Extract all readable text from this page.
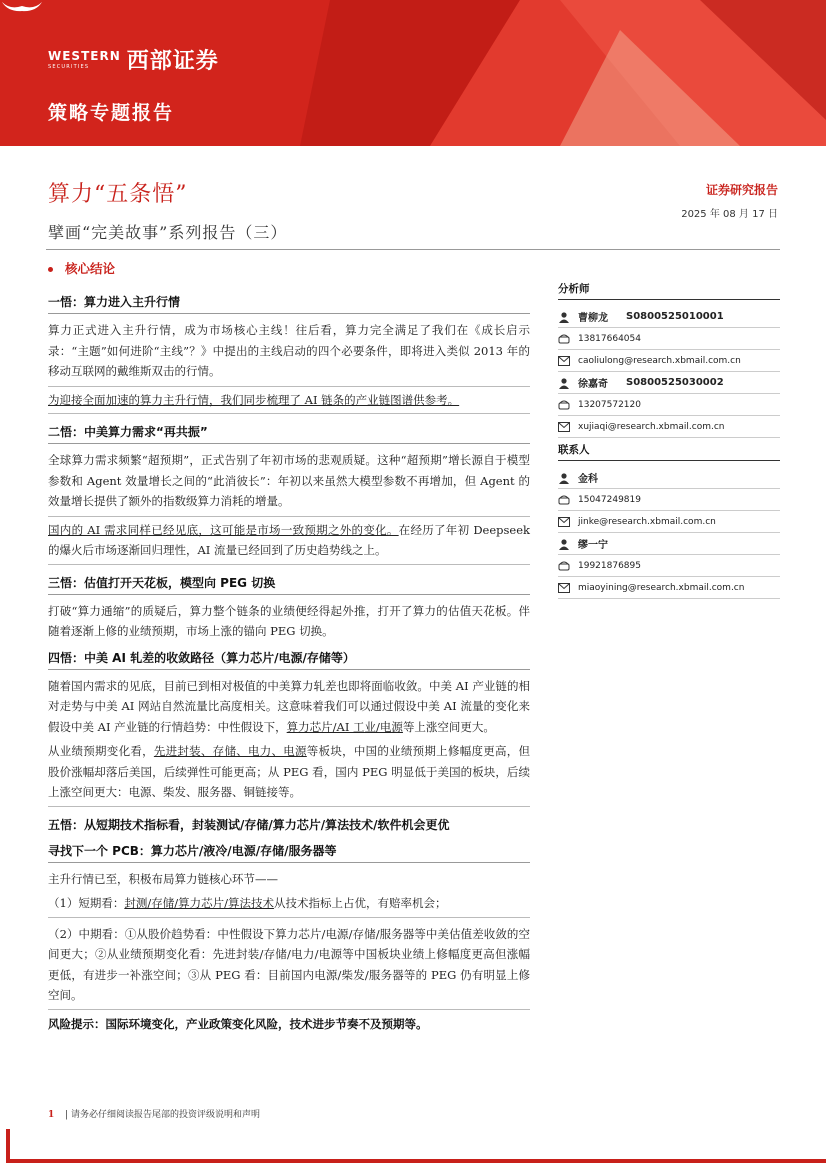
WESTERN
SECURITIES	西部证券
策略专题报告
算力“五条悟”	证券研究报告
2025 年 08 月 17 日
擘画“完美故事”系列报告（三）
核心结论
一悟：算力进入主升行情

算力正式进入主升行情，成为市场核心主线！往后看，算力完全满足了我们在《成长启示录：“主题”如何进阶“主线”？》中提出的主线启动的四个必要条件，即将进入类似 2013 年的移动互联网的戴维斯双击的行情。

为迎接全面加速的算力主升行情，我们同步梳理了 AI 链条的产业链图谱供参考。

二悟：中美算力需求“再共振”

全球算力需求频繁“超预期”，正式告别了年初市场的悲观质疑。这种“超预期”增长源自于模型参数和 Agent 效量增长之间的“此消彼长”：年初以来虽然大模型参数不再增加，但 Agent 的效量增长提供了额外的指数级算力消耗的增量。

国内的 AI 需求同样已经见底，这可能是市场一致预期之外的变化。在经历了年初 Deepseek 的爆火后市场逐渐回归理性，AI 流量已经回到了历史趋势线之上。

三悟：估值打开天花板，模型向 PEG 切换

打破“算力通缩”的质疑后，算力整个链条的业绩便经得起外推，打开了算力的估值天花板。伴随着逐渐上修的业绩预期，市场上涨的锚向 PEG 切换。

四悟：中美 AI 轧差的收敛路径（算力芯片/电源/存储等）

随着国内需求的见底，目前已到相对极值的中美算力轧差也即将面临收敛。中美 AI 产业链的相对走势与中美 AI 网站自然流量比高度相关。这意味着我们可以通过假设中美 AI 流量的变化来假设中美 AI 产业链的行情趋势：中性假设下，算力芯片/AI 工业/电源等上涨空间更大。

从业绩预期变化看，先进封装、存储、电力、电源等板块，中国的业绩预期上修幅度更高，但股价涨幅却落后美国，后续弹性可能更高；从 PEG 看，国内 PEG 明显低于美国的板块，后续上涨空间更大：电源、柴发、服务器、铜链接等。

五悟：从短期技术指标看，封装测试/存储/算力芯片/算法技术/软件机会更优
寻找下一个 PCB：算力芯片/液冷/电源/存储/服务器等

主升行情已至，积极布局算力链核心环节——

（1）短期看：封测/存储/算力芯片/算法技术从技术指标上占优，有赔率机会；

（2）中期看：①从股价趋势看：中性假设下算力芯片/电源/存储/服务器等中美估值差收敛的空间更大；②从业绩预期变化看：先进封装/存储/电力/电源等中国板块业绩上修幅度更高但涨幅更低，有进步一补涨空间；③从 PEG 看：目前国内电源/柴发/服务器等的 PEG 仍有明显上修空间。

风险提示：国际环境变化，产业政策变化风险，技术进步节奏不及预期等。
分析师
曹柳龙	S0800525010001
13817664054
caoliulong@research.xbmail.com.cn
徐嘉奇	S0800525030002
13207572120
xujiaqi@research.xbmail.com.cn
联系人
金科
15047249819
jinke@research.xbmail.com.cn
缪一宁
19921876895
miaoyining@research.xbmail.com.cn
1 | 请务必仔细阅读报告尾部的投资评级说明和声明
